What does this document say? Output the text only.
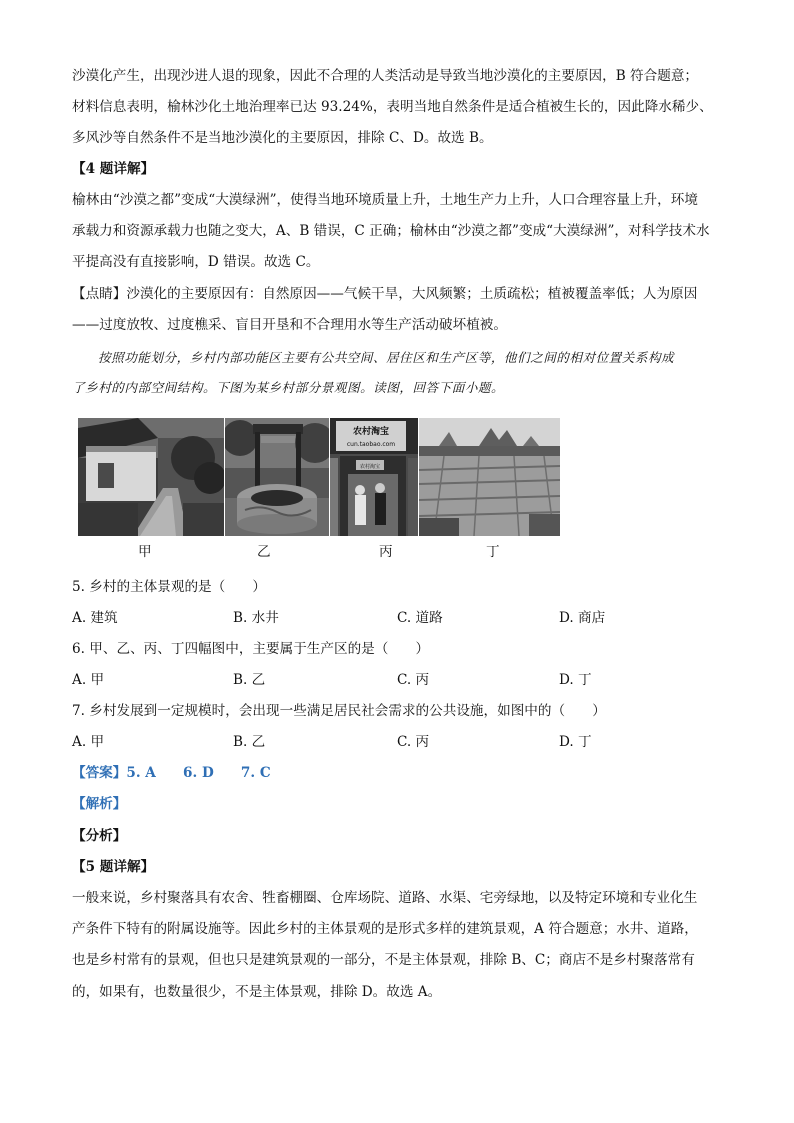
沙漠化产生，出现沙进人退的现象，因此不合理的人类活动是导致当地沙漠化的主要原因，B 符合题意；
材料信息表明，榆林沙化土地治理率已达 93.24%，表明当地自然条件是适合植被生长的，因此降水稀少、
多风沙等自然条件不是当地沙漠化的主要原因，排除 C、D。故选 B。
【4 题详解】
榆林由“沙漠之都”变成“大漠绿洲”，使得当地环境质量上升，土地生产力上升，人口合理容量上升，环境
承载力和资源承载力也随之变大，A、B 错误，C 正确；榆林由“沙漠之都”变成“大漠绿洲”，对科学技术水
平提高没有直接影响，D 错误。故选 C。
【点睛】沙漠化的主要原因有：自然原因——气候干旱，大风频繁；土质疏松；植被覆盖率低；人为原因
——过度放牧、过度樵采、盲目开垦和不合理用水等生产活动破坏植被。
按照功能划分，乡村内部功能区主要有公共空间、居住区和生产区等，他们之间的相对位置关系构成
了乡村的内部空间结构。下图为某乡村部分景观图。读图，回答下面小题。
农村淘宝
cun.taobao.com
农村淘宝
甲	乙	丙	丁
5. 乡村的主体景观的是（　　）
A. 建筑	B. 水井	C. 道路	D. 商店
6. 甲、乙、丙、丁四幅图中，主要属于生产区的是（　　）
A. 甲	B. 乙	C. 丙	D. 丁
7. 乡村发展到一定规模时，会出现一些满足居民社会需求的公共设施，如图中的（　　）
A. 甲	B. 乙	C. 丙	D. 丁
【答案】5. A　　6. D　　7. C
【解析】
【分析】
【5 题详解】
一般来说，乡村聚落具有农舍、牲畜棚圈、仓库场院、道路、水渠、宅旁绿地，以及特定环境和专业化生
产条件下特有的附属设施等。因此乡村的主体景观的是形式多样的建筑景观，A 符合题意；水井、道路，
也是乡村常有的景观，但也只是建筑景观的一部分，不是主体景观，排除 B、C；商店不是乡村聚落常有
的，如果有，也数量很少，不是主体景观，排除 D。故选 A。
